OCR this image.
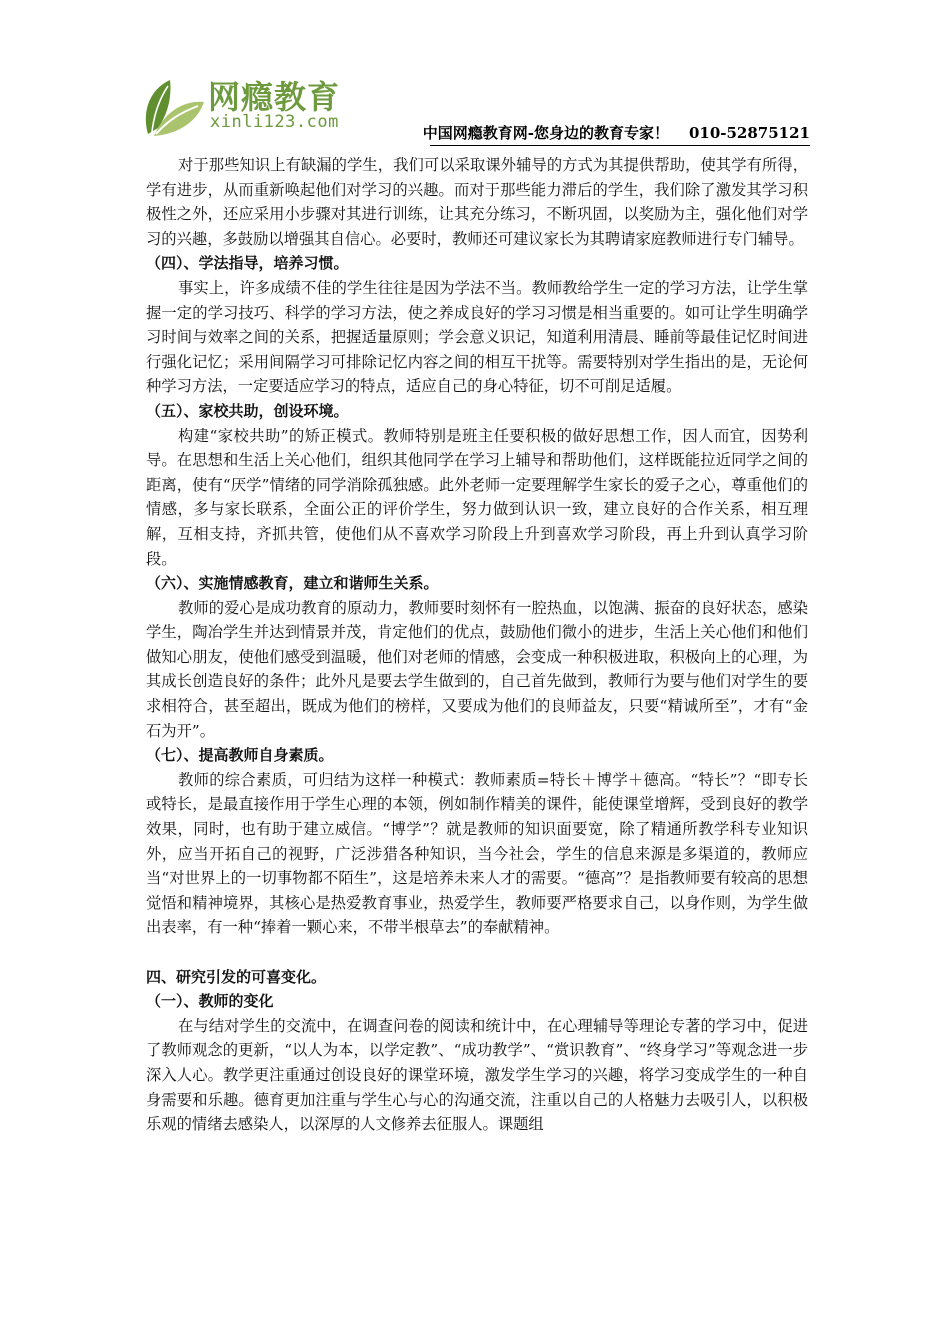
网瘾教育
xinli123.com
中国网瘾教育网-您身边的教育专家！ 010-52875121

对于那些知识上有缺漏的学生，我们可以采取课外辅导的方式为其提供帮助，使其学有所得，学有进步，从而重新唤起他们对学习的兴趣。而对于那些能力滞后的学生，我们除了激发其学习积极性之外，还应采用小步骤对其进行训练，让其充分练习，不断巩固，以奖励为主，强化他们对学习的兴趣，多鼓励以增强其自信心。必要时，教师还可建议家长为其聘请家庭教师进行专门辅导。

（四）、学法指导，培养习惯。

事实上，许多成绩不佳的学生往往是因为学法不当。教师教给学生一定的学习方法，让学生掌握一定的学习技巧、科学的学习方法，使之养成良好的学习习惯是相当重要的。如可让学生明确学习时间与效率之间的关系，把握适量原则；学会意义识记，知道利用清晨、睡前等最佳记忆时间进行强化记忆；采用间隔学习可排除记忆内容之间的相互干扰等。需要特别对学生指出的是，无论何种学习方法，一定要适应学习的特点，适应自己的身心特征，切不可削足适履。

（五）、家校共助，创设环境。

构建“家校共助”的矫正模式。教师特别是班主任要积极的做好思想工作，因人而宜，因势利导。在思想和生活上关心他们，组织其他同学在学习上辅导和帮助他们，这样既能拉近同学之间的距离，使有“厌学”情绪的同学消除孤独感。此外老师一定要理解学生家长的爱子之心，尊重他们的情感，多与家长联系，全面公正的评价学生，努力做到认识一致，建立良好的合作关系，相互理解，互相支持，齐抓共管，使他们从不喜欢学习阶段上升到喜欢学习阶段，再上升到认真学习阶段。

（六）、实施情感教育，建立和谐师生关系。

教师的爱心是成功教育的原动力，教师要时刻怀有一腔热血，以饱满、振奋的良好状态，感染学生，陶冶学生并达到情景并茂，肯定他们的优点，鼓励他们微小的进步，生活上关心他们和他们做知心朋友，使他们感受到温暖，他们对老师的情感，会变成一种积极进取，积极向上的心理，为其成长创造良好的条件；此外凡是要去学生做到的，自己首先做到，教师行为要与他们对学生的要求相符合，甚至超出，既成为他们的榜样，又要成为他们的良师益友，只要“精诚所至”，才有“金石为开”。

（七）、提高教师自身素质。

教师的综合素质，可归结为这样一种模式：教师素质=特长＋博学＋德高。“特长”？“即专长或特长，是最直接作用于学生心理的本领，例如制作精美的课件，能使课堂增辉，受到良好的教学效果，同时，也有助于建立威信。“博学”？就是教师的知识面要宽，除了精通所教学科专业知识外，应当开拓自己的视野，广泛涉猎各种知识，当今社会，学生的信息来源是多渠道的，教师应当“对世界上的一切事物都不陌生”，这是培养未来人才的需要。“德高”？是指教师要有较高的思想觉悟和精神境界，其核心是热爱教育事业，热爱学生，教师要严格要求自己，以身作则，为学生做出表率，有一种“捧着一颗心来，不带半根草去”的奉献精神。

四、研究引发的可喜变化。

（一）、教师的变化

在与结对学生的交流中，在调查问卷的阅读和统计中，在心理辅导等理论专著的学习中，促进了教师观念的更新，“以人为本，以学定教”、“成功教学”、“赏识教育”、“终身学习”等观念进一步深入人心。教学更注重通过创设良好的课堂环境，激发学生学习的兴趣，将学习变成学生的一种自身需要和乐趣。德育更加注重与学生心与心的沟通交流，注重以自己的人格魅力去吸引人，以积极乐观的情绪去感染人，以深厚的人文修养去征服人。课题组
